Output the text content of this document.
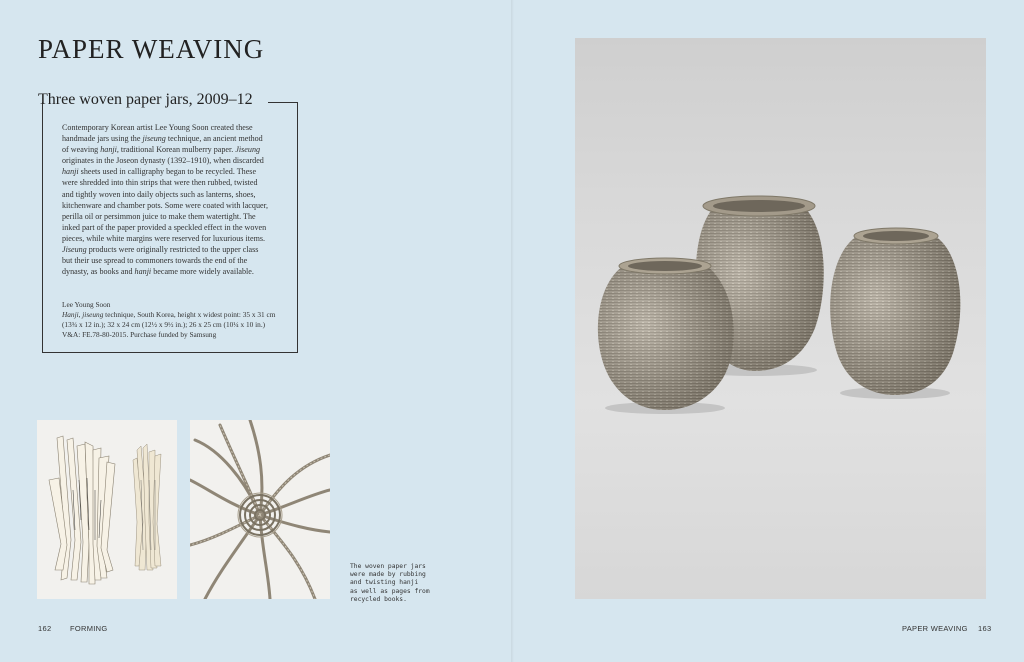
PAPER WEAVING
Three woven paper jars, 2009–12
Contemporary Korean artist Lee Young Soon created these
handmade jars using the jiseung technique, an ancient method
of weaving hanji, traditional Korean mulberry paper. Jiseung
originates in the Joseon dynasty (1392–1910), when discarded
hanji sheets used in calligraphy began to be recycled. These
were shredded into thin strips that were then rubbed, twisted
and tightly woven into daily objects such as lanterns, shoes,
kitchenware and chamber pots. Some were coated with lacquer,
perilla oil or persimmon juice to make them watertight. The
inked part of the paper provided a speckled effect in the woven
pieces, while white margins were reserved for luxurious items.
Jiseung products were originally restricted to the upper class
but their use spread to commoners towards the end of the
dynasty, as books and hanji became more widely available.
Lee Young Soon
Hanji, jiseung technique, South Korea, height x widest point: 35 x 31 cm
(13¾ x 12 in.); 32 x 24 cm (12½ x 9½ in.); 26 x 25 cm (10¼ x 10 in.)
V&A: FE.78-80-2015. Purchase funded by Samsung
The woven paper jars
were made by rubbing
and twisting hanji
as well as pages from
recycled books.
162 FORMING	PAPER WEAVING 163
